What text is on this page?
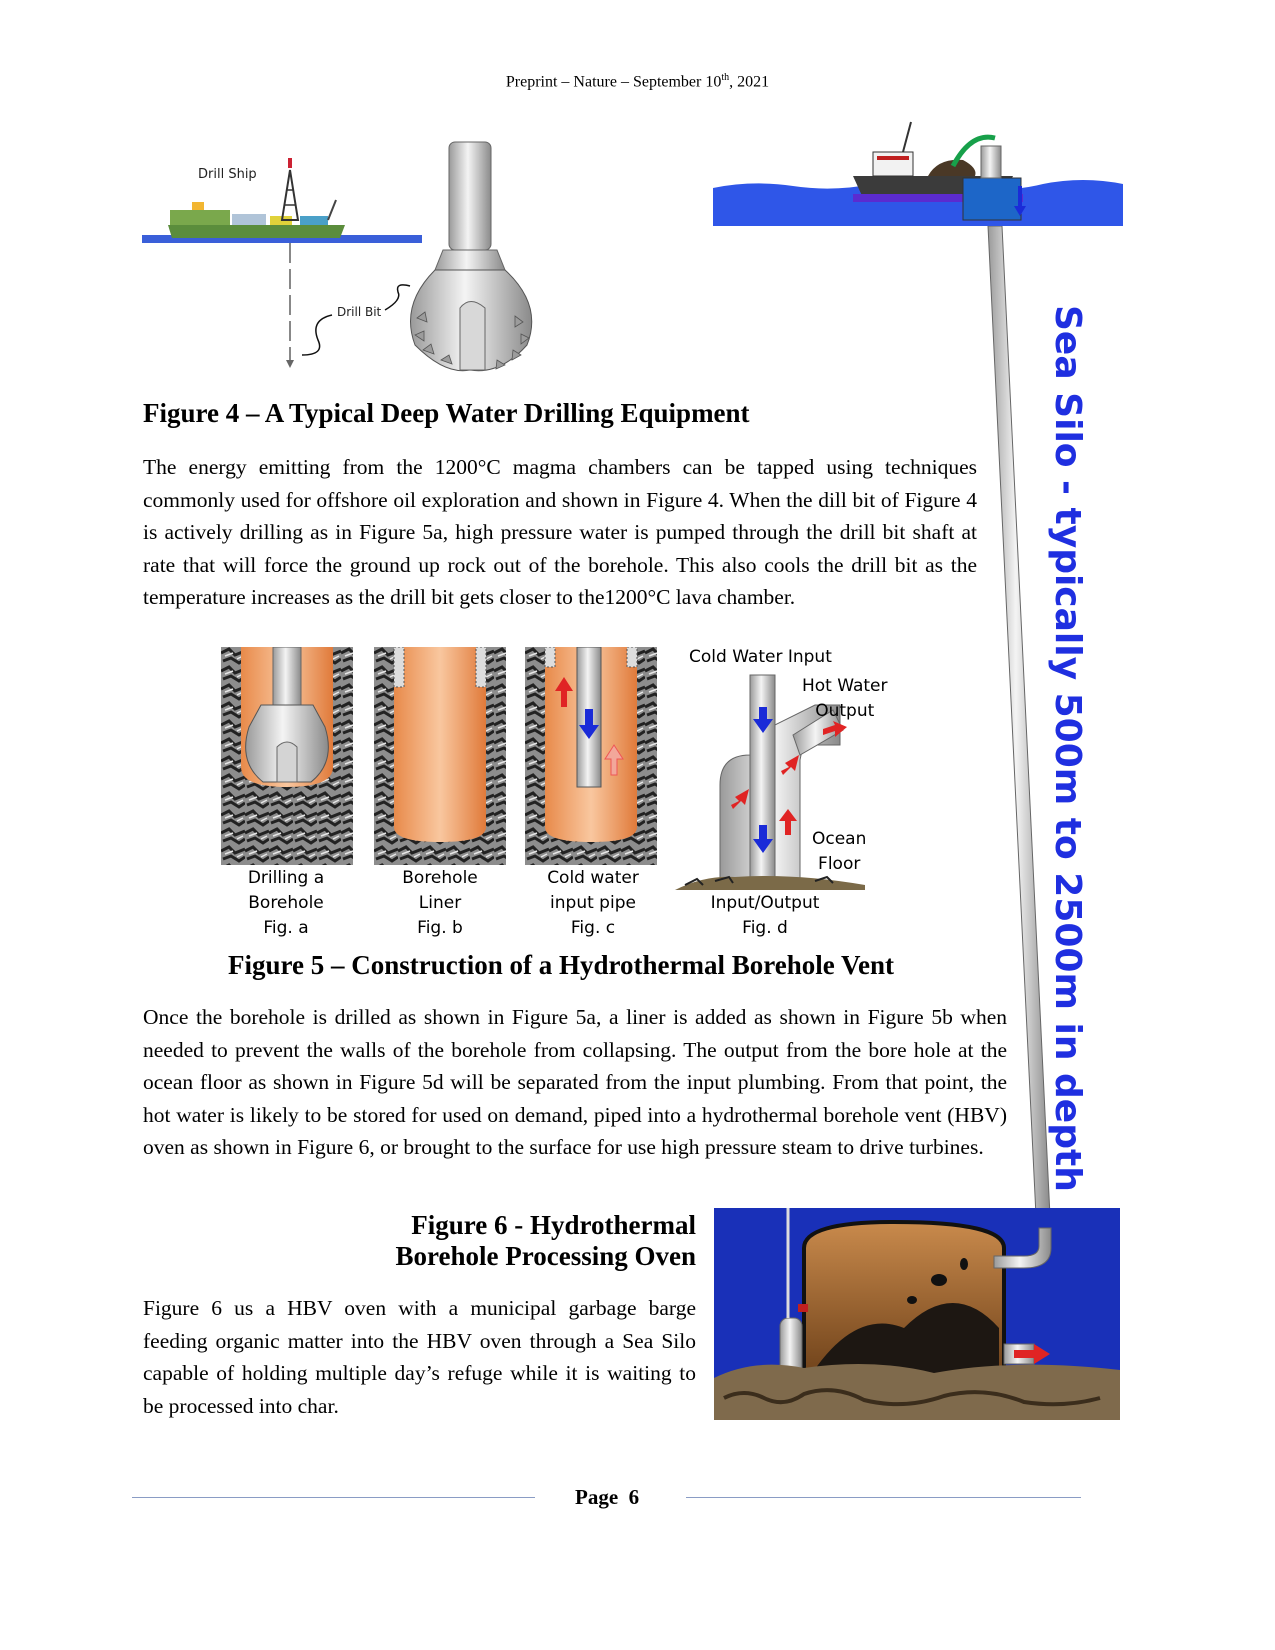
Preprint – Nature – September 10th, 2021
Drill Ship
Drill Bit
Figure 4 – A Typical Deep Water Drilling Equipment
The energy emitting from the 1200°C magma chambers can be tapped using techniques commonly used for offshore oil exploration and shown in Figure 4. When the dill bit of Figure 4 is actively drilling as in Figure 5a, high pressure water is pumped through the drill bit shaft at rate that will force the ground up rock out of the borehole. This also cools the drill bit as the temperature increases as the drill bit gets closer to the1200°C lava chamber.
Cold Water Input
Hot Water
Output
Ocean
Floor
Drilling a
Borehole
Fig. a
Borehole
Liner
Fig. b
Cold water
input pipe
Fig. c
Input/Output
Fig. d
Figure 5 – Construction of a Hydrothermal Borehole Vent
Once the borehole is drilled as shown in Figure 5a, a liner is added as shown in Figure 5b when needed to prevent the walls of the borehole from collapsing. The output from the bore hole at the ocean floor as shown in Figure 5d will be separated from the input plumbing. From that point, the hot water is likely to be stored for used on demand, piped into a hydrothermal borehole vent (HBV) oven as shown in Figure 6, or brought to the surface for use high pressure steam to drive turbines.
Figure 6 - Hydrothermal
Borehole Processing Oven
Figure 6 us a HBV oven with a municipal garbage barge feeding organic matter into the HBV oven through a Sea Silo capable of holding multiple day’s refuge while it is waiting to be processed into char.
Sea Silo - typically 500m to 2500m in depth
Page  6
